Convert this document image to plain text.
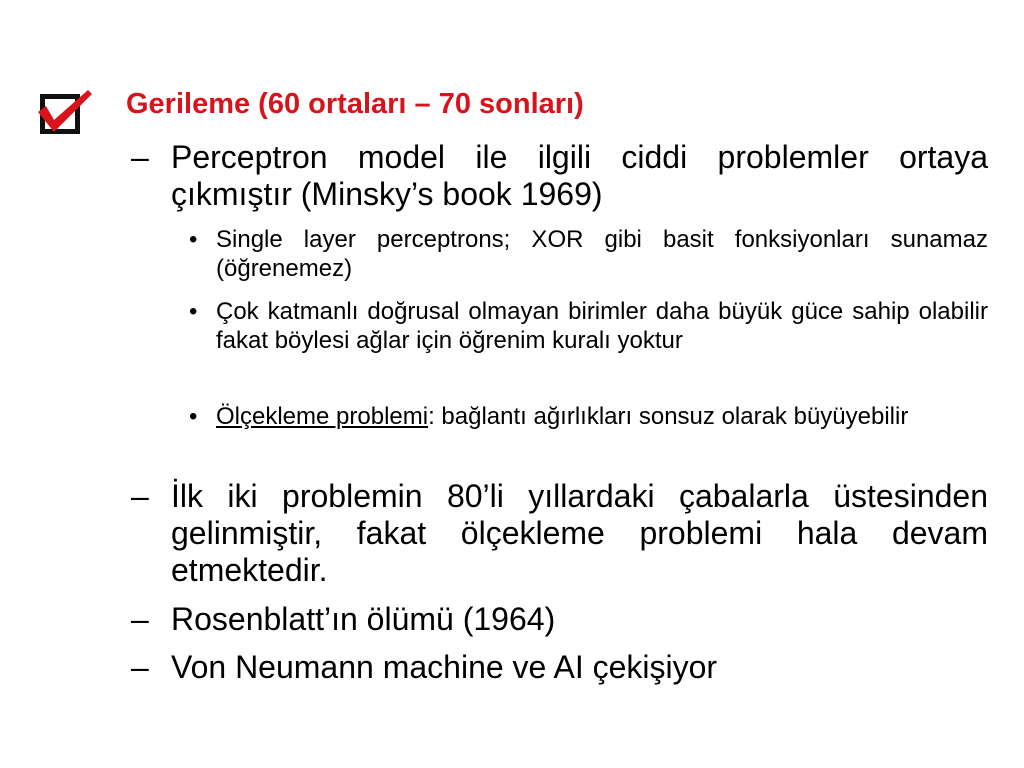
Gerileme (60 ortaları – 70 sonları)
– Perceptron model ile ilgili ciddi problemler ortaya çıkmıştır (Minsky’s book 1969)
• Single layer perceptrons; XOR gibi basit fonksiyonları sunamaz (öğrenemez)
• Çok katmanlı doğrusal olmayan birimler daha büyük güce sahip olabilir fakat böylesi ağlar için öğrenim kuralı yoktur
• Ölçekleme problemi: bağlantı ağırlıkları sonsuz olarak büyüyebilir
– İlk iki problemin 80’li yıllardaki çabalarla üstesinden gelinmiştir, fakat ölçekleme problemi hala devam etmektedir.
– Rosenblatt’ın ölümü (1964)
– Von Neumann machine ve AI çekişiyor
